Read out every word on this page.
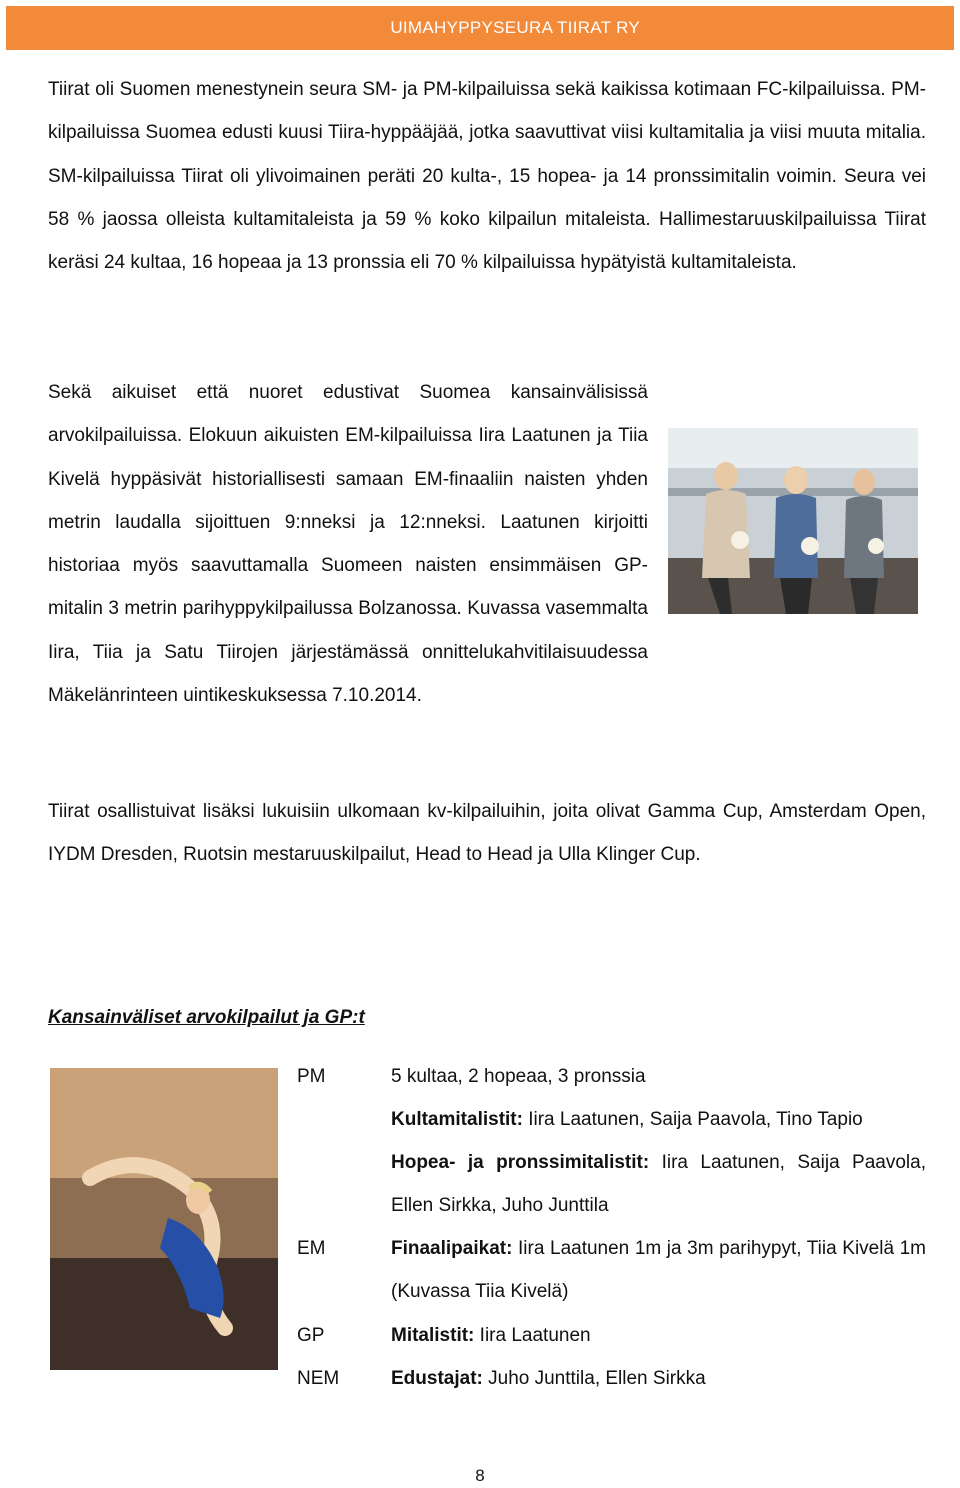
UIMAHYPPYSEURA TIIRAT RY

Tiirat oli Suomen menestynein seura SM- ja PM-kilpailuissa sekä kaikissa kotimaan FC-kilpailuissa. PM-kilpailuissa Suomea edusti kuusi Tiira-hyppääjää, jotka saavuttivat viisi kultamitalia ja viisi muuta mitalia. SM-kilpailuissa Tiirat oli ylivoimainen peräti 20 kulta-, 15 hopea- ja 14 pronssimitalin voimin. Seura vei 58 % jaossa olleista kultamitaleista ja 59 % koko kilpailun mitaleista. Hallimestaruuskilpailuissa Tiirat keräsi 24 kultaa, 16 hopeaa ja 13 pronssia eli 70 % kilpailuissa hypätyistä kultamitaleista.

Sekä aikuiset että nuoret edustivat Suomea kansainvälisissä arvokilpailuissa. Elokuun aikuisten EM-kilpailuissa Iira Laatunen ja Tiia Kivelä hyppäsivät historiallisesti samaan EM-finaaliin naisten yhden metrin laudalla sijoittuen 9:nneksi ja 12:nneksi. Laatunen kirjoitti historiaa myös saavuttamalla Suomeen naisten ensimmäisen GP-mitalin 3 metrin parihyppykilpailussa Bolzanossa. Kuvassa vasemmalta Iira, Tiia ja Satu Tiirojen järjestämässä onnittelukahvitilaisuudessa Mäkelänrinteen uintikeskuksessa 7.10.2014.

Tiirat osallistuivat lisäksi lukuisiin ulkomaan kv-kilpailuihin, joita olivat Gamma Cup, Amsterdam Open, IYDM Dresden, Ruotsin mestaruuskilpailut, Head to Head ja Ulla Klinger Cup.

Kansainväliset arvokilpailut ja GP:t
PM	5 kultaa, 2 hopeaa, 3 pronssia

Kultamitalistit: Iira Laatunen, Saija Paavola, Tino Tapio

Hopea- ja pronssimitalistit: Iira Laatunen, Saija Paavola, Ellen Sirkka, Juho Junttila

EM	Finaalipaikat: Iira Laatunen 1m ja 3m parihypyt, Tiia Kivelä 1m (Kuvassa Tiia Kivelä)

GP	Mitalistit: Iira Laatunen

NEM	Edustajat: Juho Junttila, Ellen Sirkka

8
